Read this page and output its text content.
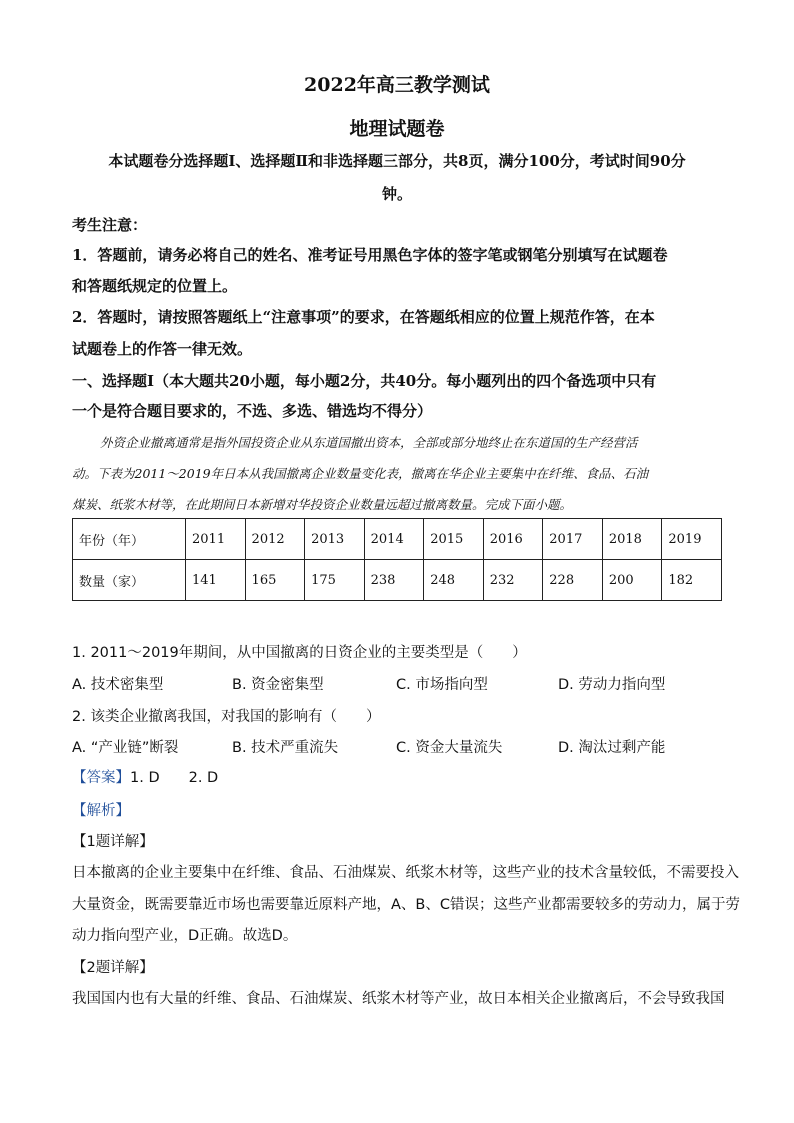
2022年高三教学测试
地理试题卷
本试题卷分选择题Ⅰ、选择题Ⅱ和非选择题三部分，共8页，满分100分，考试时间90分
钟。
考生注意：
1．答题前，请务必将自己的姓名、准考证号用黑色字体的签字笔或钢笔分别填写在试题卷
和答题纸规定的位置上。
2．答题时，请按照答题纸上“注意事项”的要求，在答题纸相应的位置上规范作答，在本
试题卷上的作答一律无效。
一、选择题Ⅰ（本大题共20小题，每小题2分，共40分。每小题列出的四个备选项中只有
一个是符合题目要求的，不选、多选、错选均不得分）
外资企业撤离通常是指外国投资企业从东道国撤出资本，全部或部分地终止在东道国的生产经营活
动。下表为2011～2019年日本从我国撤离企业数量变化表，撤离在华企业主要集中在纤维、食品、石油
煤炭、纸浆木材等，在此期间日本新增对华投资企业数量远超过撤离数量。完成下面小题。
年份（年）	2011	2012	2013	2014	2015	2016	2017	2018	2019
数量（家）	141	165	175	238	248	232	228	200	182
1. 2011～2019年期间，从中国撤离的日资企业的主要类型是（　　）
A. 技术密集型	B. 资金密集型	C. 市场指向型	D. 劳动力指向型
2. 该类企业撤离我国，对我国的影响有（　　）
A. “产业链”断裂	B. 技术严重流失	C. 资金大量流失	D. 淘汰过剩产能
【答案】1. D　　2. D
【解析】
【1题详解】
日本撤离的企业主要集中在纤维、食品、石油煤炭、纸浆木材等，这些产业的技术含量较低，不需要投入
大量资金，既需要靠近市场也需要靠近原料产地，A、B、C错误；这些产业都需要较多的劳动力，属于劳
动力指向型产业，D正确。故选D。
【2题详解】
我国国内也有大量的纤维、食品、石油煤炭、纸浆木材等产业，故日本相关企业撤离后，不会导致我国
